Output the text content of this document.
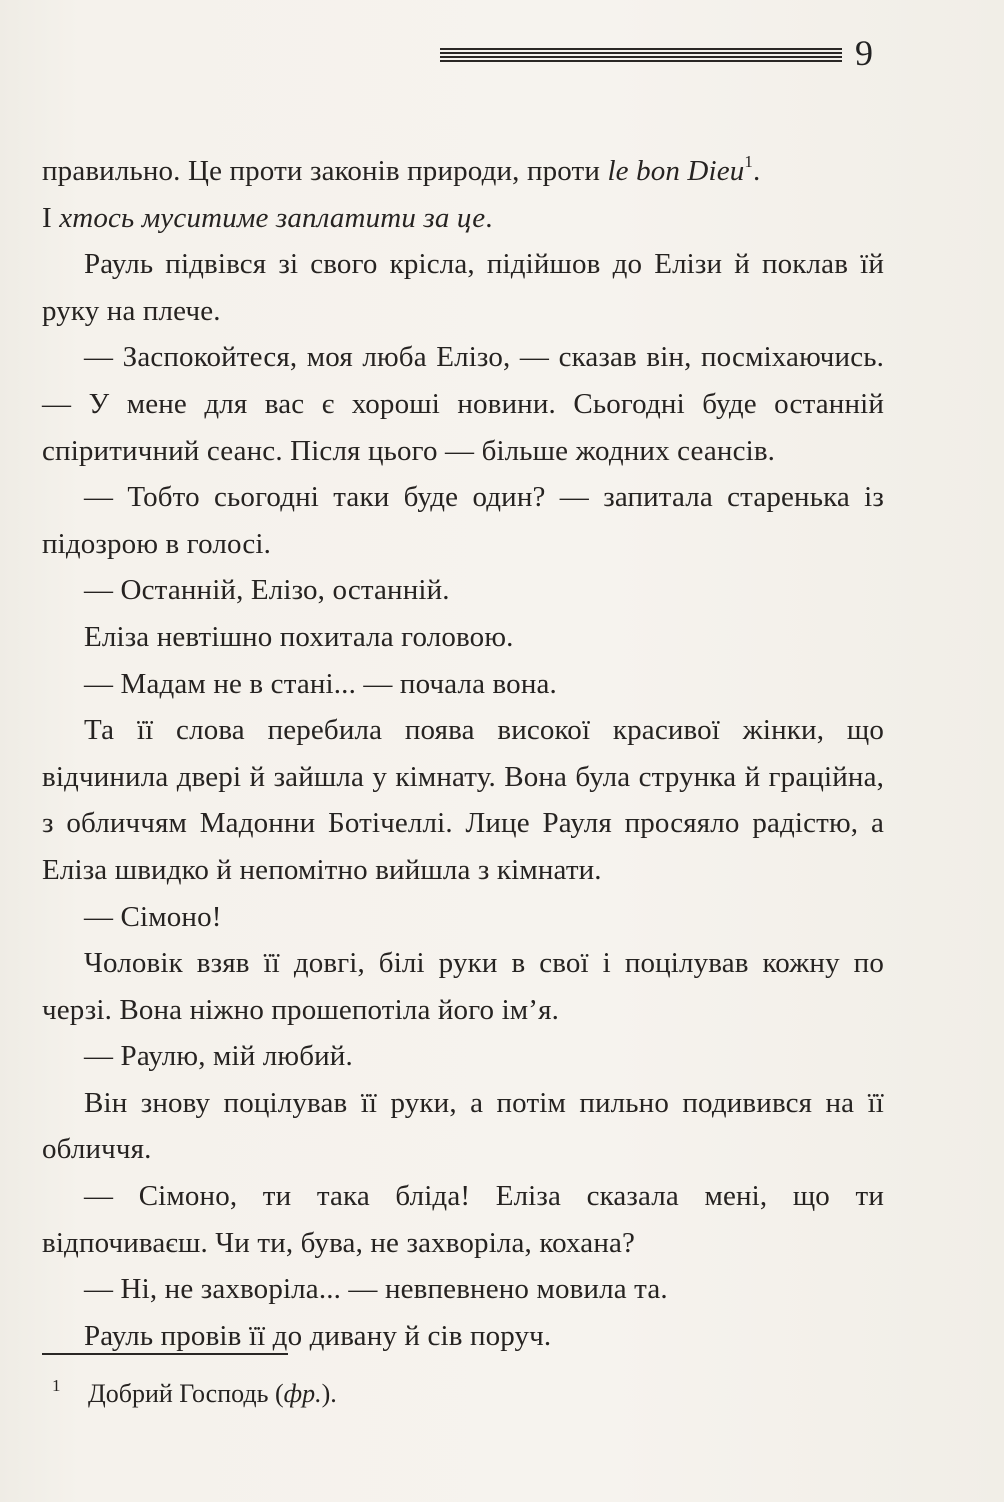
9

правильно. Це проти законів природи, проти le bon Dieu$^1$.
І хтось муситиме заплатити за це.

Рауль підвівся зі свого крісла, підійшов до Елізи й поклав їй руку на плече.

— Заспокойтеся, моя люба Елізо, — сказав він, посміхаючись. — У мене для вас є хороші новини. Сьогодні буде останній спіритичний сеанс. Після цього — більше жодних сеансів.

— Тобто сьогодні таки буде один? — запитала старенька із підозрою в голосі.

— Останній, Елізо, останній.

Еліза невтішно похитала головою.

— Мадам не в стані... — почала вона.

Та її слова перебила поява високої красивої жінки, що відчинила двері й зайшла у кімнату. Вона була струнка й граційна, з обличчям Мадонни Ботічеллі. Лице Рауля просяяло радістю, а Еліза швидко й непомітно вийшла з кімнати.

— Сімоно!

Чоловік взяв її довгі, білі руки в свої і поцілував кожну по черзі. Вона ніжно прошепотіла його ім’я.

— Раулю, мій любий.

Він знову поцілував її руки, а потім пильно подивився на її обличчя.

— Сімоно, ти така бліда! Еліза сказала мені, що ти відпочиваєш. Чи ти, бува, не захворіла, кохана?

— Ні, не захворіла... — невпевнено мовила та.

Рауль провів її до дивану й сів поруч.

1 Добрий Господь (фр.).
